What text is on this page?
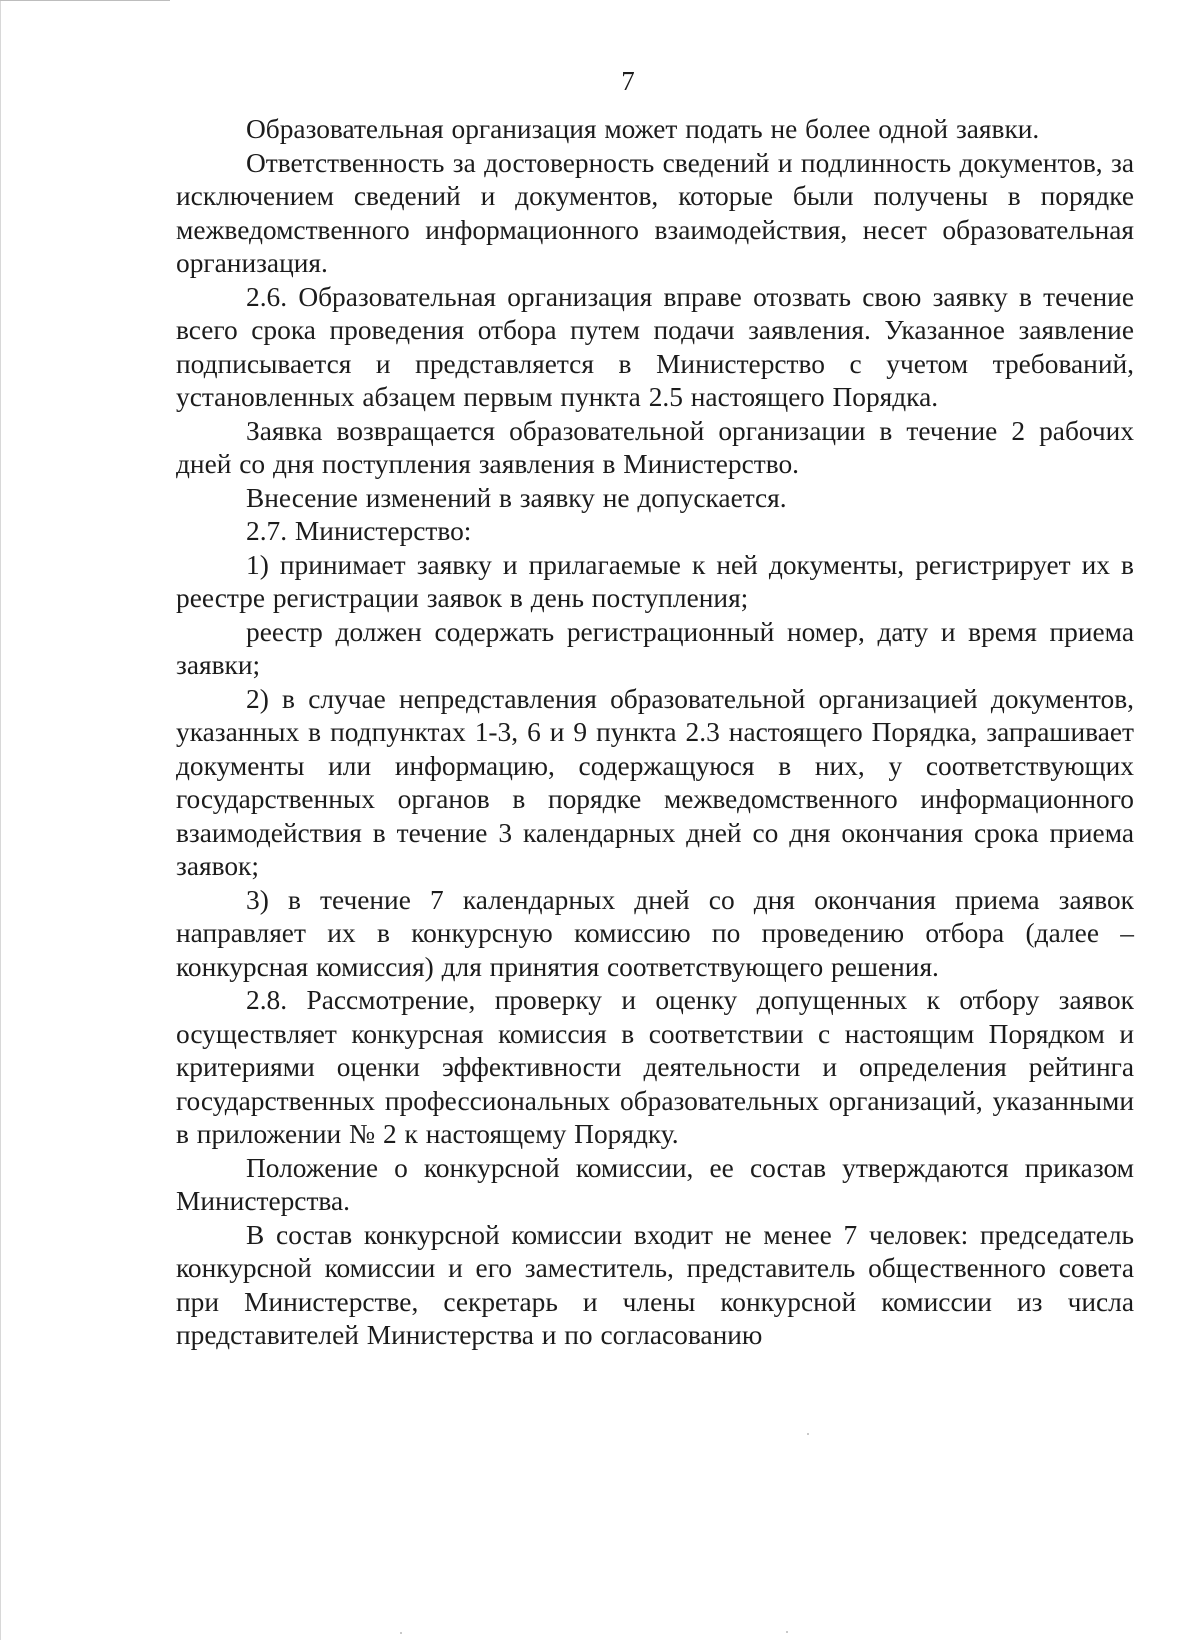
7

Образовательная организация может подать не более одной заявки.

Ответственность за достоверность сведений и подлинность документов, за исключением сведений и документов, которые были получены в порядке межведомственного информационного взаимодействия, несет образовательная организация.

2.6. Образовательная организация вправе отозвать свою заявку в течение всего срока проведения отбора путем подачи заявления. Указанное заявление подписывается и представляется в Министерство с учетом требований, установленных абзацем первым пункта 2.5 настоящего Порядка.

Заявка возвращается образовательной организации в течение 2 рабочих дней со дня поступления заявления в Министерство.

Внесение изменений в заявку не допускается.

2.7. Министерство:

1) принимает заявку и прилагаемые к ней документы, регистрирует их в реестре регистрации заявок в день поступления;

реестр должен содержать регистрационный номер, дату и время приема заявки;

2) в случае непредставления образовательной организацией документов, указанных в подпунктах 1-3, 6 и 9 пункта 2.3 настоящего Порядка, запрашивает документы или информацию, содержащуюся в них, у соответствующих государственных органов в порядке межведомственного информационного взаимодействия в течение 3 календарных дней со дня окончания срока приема заявок;

3) в течение 7 календарных дней со дня окончания приема заявок направляет их в конкурсную комиссию по проведению отбора (далее – конкурсная комиссия) для принятия соответствующего решения.

2.8. Рассмотрение, проверку и оценку допущенных к отбору заявок осуществляет конкурсная комиссия в соответствии с настоящим Порядком и критериями оценки эффективности деятельности и определения рейтинга государственных профессиональных образовательных организаций, указанными в приложении № 2 к настоящему Порядку.

Положение о конкурсной комиссии, ее состав утверждаются приказом Министерства.

В состав конкурсной комиссии входит не менее 7 человек: председатель конкурсной комиссии и его заместитель, представитель общественного совета при Министерстве, секретарь и члены конкурсной комиссии из числа представителей Министерства и по согласованию
